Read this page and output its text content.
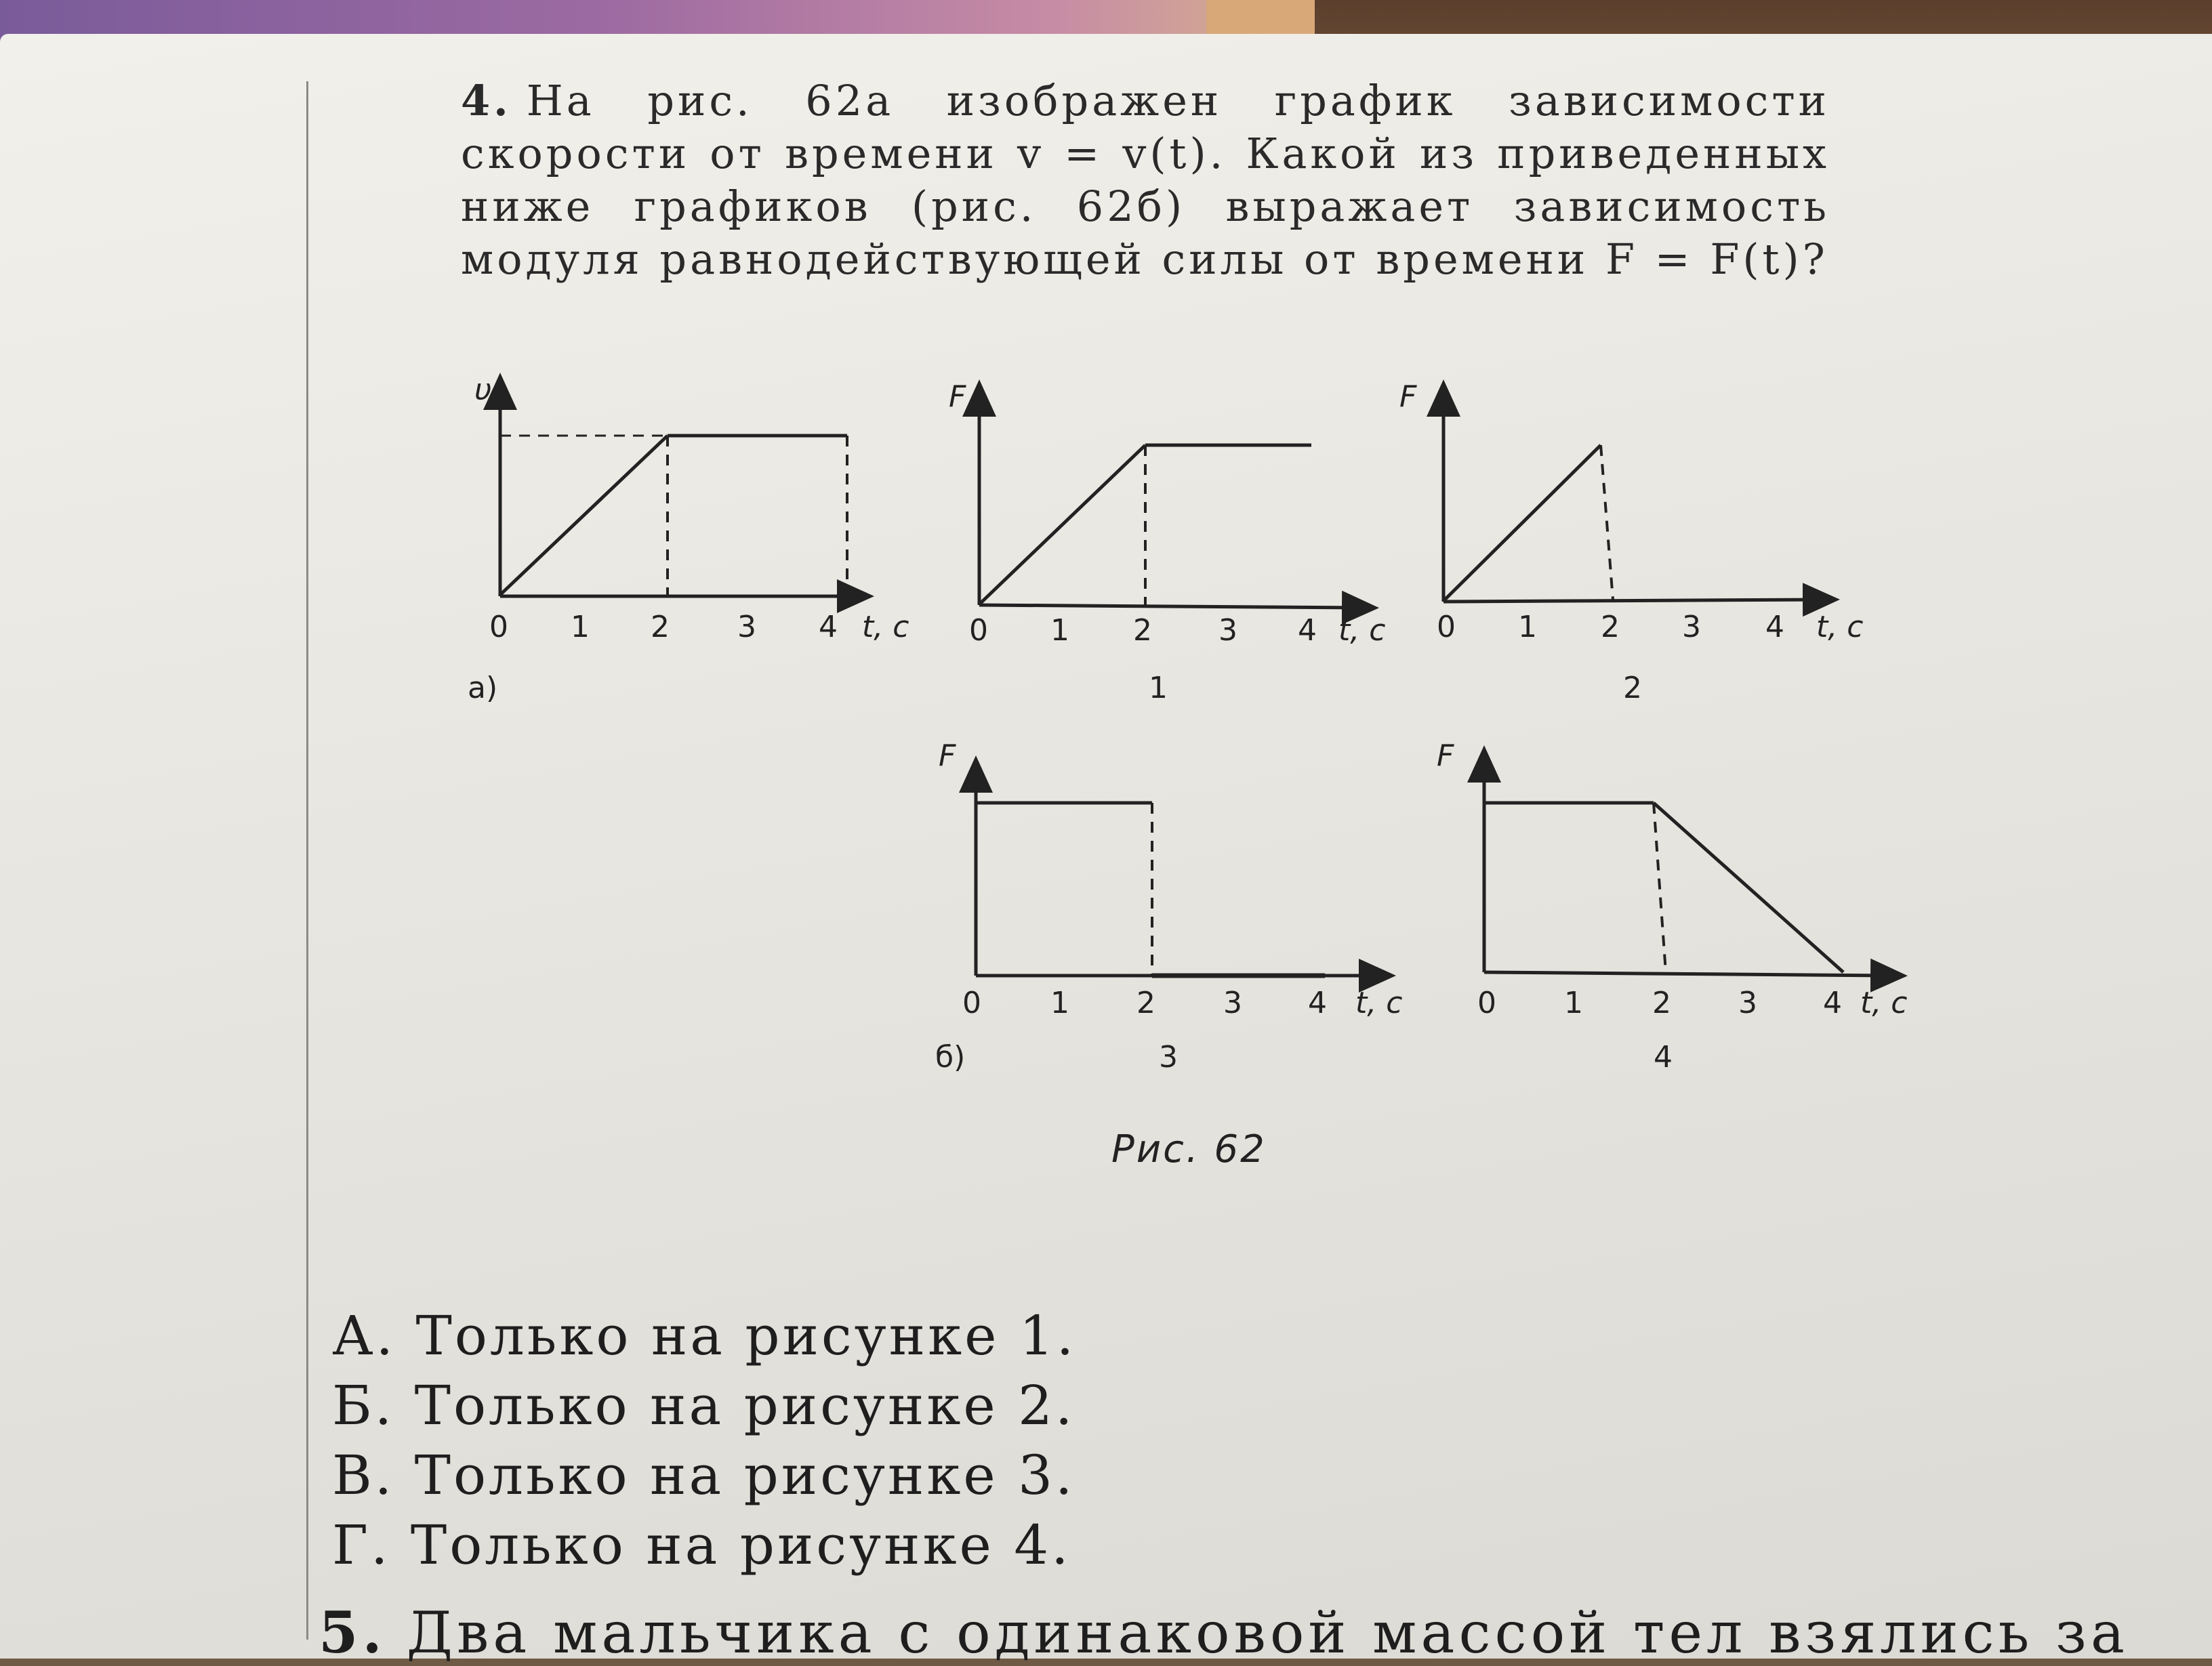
4. На рис. 62а изображен график зависимости скорости от времени v = v(t). Какой из приведенных ниже графиков (рис. 62б) выражает зависимость модуля равнодействующей силы от времени F = F(t)?
υ
t, c
0 1 2 3 4
а)
F
t, c
0 1 2 3 4
1
F
t, c
0 1 2 3 4
2
F
t, c
0 1 2 3 4
3
б)
F
t, c
0 1 2 3 4
4
Рис. 62
А. Только на рисунке 1.
Б. Только на рисунке 2.
В. Только на рисунке 3.
Г. Только на рисунке 4.
5. Два мальчика с одинаковой массой тел взялись за
